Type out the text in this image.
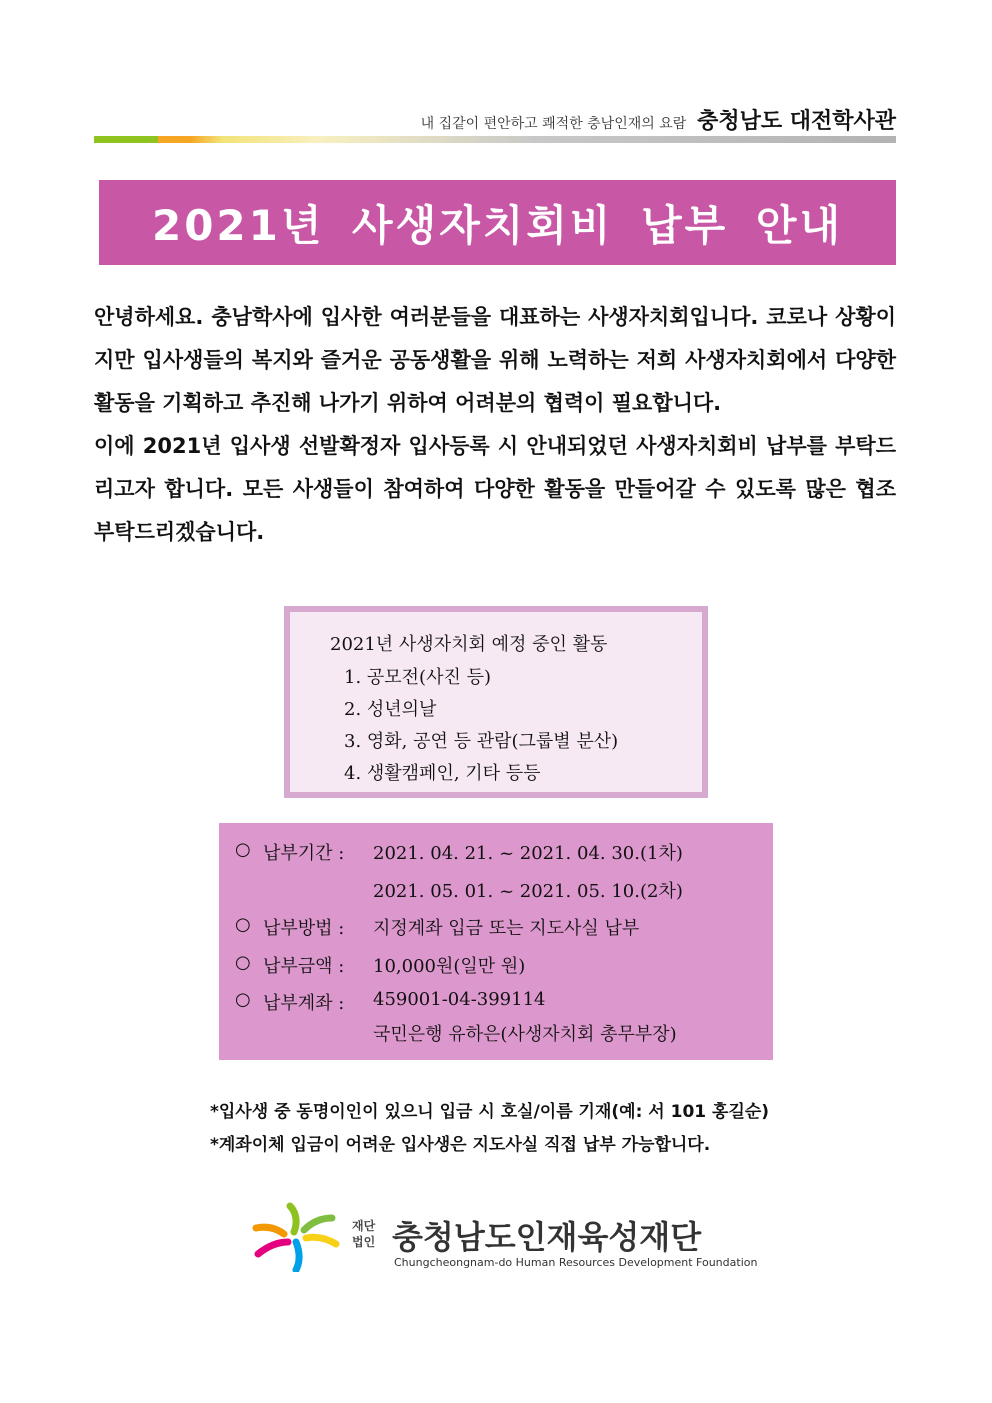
내 집같이 편안하고 쾌적한 충남인재의 요람 충청남도 대전학사관
2021년 사생자치회비 납부 안내

안녕하세요. 충남학사에 입사한 여러분들을 대표하는 사생자치회입니다. 코로나 상황이지만 입사생들의 복지와 즐거운 공동생활을 위해 노력하는 저희 사생자치회에서 다양한 활동을 기획하고 추진해 나가기 위하여 어려분의 협력이 필요합니다.

이에 2021년 입사생 선발확정자 입사등록 시 안내되었던 사생자치회비 납부를 부탁드리고자 합니다. 모든 사생들이 참여하여 다양한 활동을 만들어갈 수 있도록 많은 협조 부탁드리겠습니다.

2021년 사생자치회 예정 중인 활동
1. 공모전(사진 등)
2. 성년의날
3. 영화, 공연 등 관람(그룹별 분산)
4. 생활캠페인, 기타 등등
○ 납부기간 :	2021. 04. 21. ~ 2021. 04. 30.(1차)
2021. 05. 01. ~ 2021. 05. 10.(2차)
○ 납부방법 :	지정계좌 입금 또는 지도사실 납부
○ 납부금액 :	10,000원(일만 원)
○ 납부계좌 :	459001-04-399114
국민은행 유하은(사생자치회 총무부장)

*입사생 중 동명이인이 있으니 입금 시 호실/이름 기재(예: 서 101 홍길순)

*계좌이체 입금이 어려운 입사생은 지도사실 직접 납부 가능합니다.

재단 법인 충청남도인재육성재단
Chungcheongnam-do Human Resources Development Foundation
